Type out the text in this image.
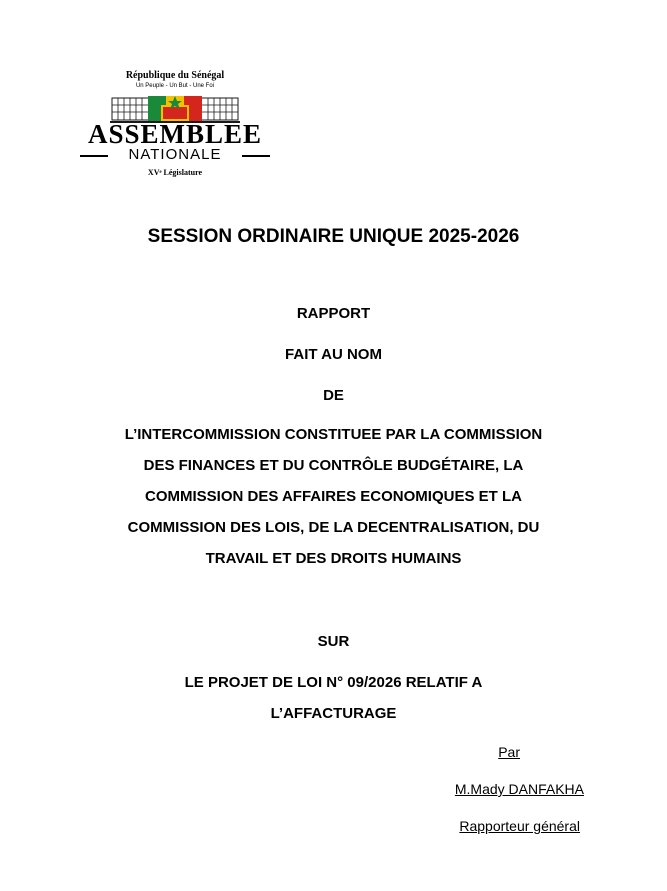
République du Sénégal
Un Peuple - Un But - Une Foi
ASSEMBLEE
NATIONALE
XVᵉ Législature
SESSION ORDINAIRE UNIQUE 2025-2026
RAPPORT
FAIT AU NOM
DE
L’INTERCOMMISSION CONSTITUEE PAR LA COMMISSION
DES FINANCES ET DU CONTRÔLE BUDGÉTAIRE, LA
COMMISSION DES AFFAIRES ECONOMIQUES ET LA
COMMISSION DES LOIS, DE LA DECENTRALISATION, DU
TRAVAIL ET DES DROITS HUMAINS
SUR
LE PROJET DE LOI N° 09/2026 RELATIF A
L’AFFACTURAGE
Par
M.Mady DANFAKHA
Rapporteur général
